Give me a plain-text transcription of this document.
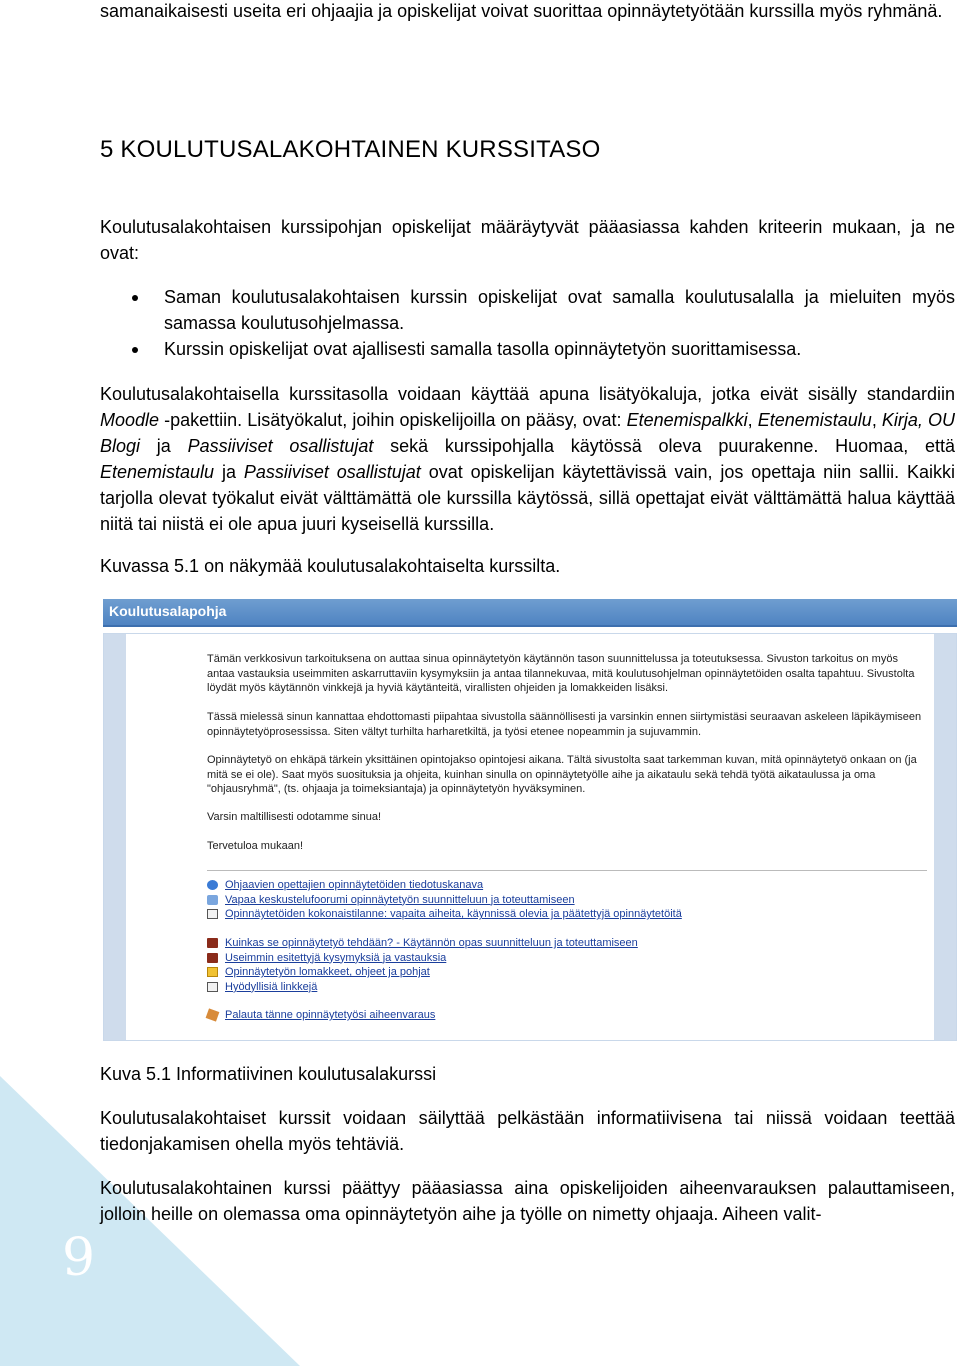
9

samanaikaisesti useita eri ohjaajia ja opiskelijat voivat suorittaa opinnäytetyötään kurssilla myös ryhmänä.

5 KOULUTUSALAKOHTAINEN KURSSITASO

Koulutusalakohtaisen kurssipohjan opiskelijat määräytyvät pääasiassa kahden kriteerin mukaan, ja ne ovat:

Saman koulutusalakohtaisen kurssin opiskelijat ovat samalla koulutusalalla ja mieluiten myös samassa koulutusohjelmassa.
Kurssin opiskelijat ovat ajallisesti samalla tasolla opinnäytetyön suorittamisessa.

Koulutusalakohtaisella kurssitasolla voidaan käyttää apuna lisätyökaluja, jotka eivät sisälly standardiin Moodle -pakettiin. Lisätyökalut, joihin opiskelijoilla on pääsy, ovat: Etenemispalkki, Etenemistaulu, Kirja, OU Blogi ja Passiiviset osallistujat sekä kurssipohjalla käytössä oleva puurakenne. Huomaa, että Etenemistaulu ja Passiiviset osallistujat ovat opiskelijan käytettävissä vain, jos opettaja niin sallii. Kaikki tarjolla olevat työkalut eivät välttämättä ole kurssilla käytössä, sillä opettajat eivät välttämättä halua käyttää niitä tai niistä ei ole apua juuri kyseisellä kurssilla.

Kuvassa 5.1 on näkymää koulutusalakohtaiselta kurssilta.

Kuva 5.1 Informatiivinen koulutusalakurssi

Koulutusalakohtaiset kurssit voidaan säilyttää pelkästään informatiivisena tai niissä voidaan teettää tiedonjakamisen ohella myös tehtäviä.

Koulutusalakohtainen kurssi päättyy pääasiassa aina opiskelijoiden aiheenvarauksen palauttamiseen, jolloin heille on olemassa oma opinnäytetyön aihe ja työlle on nimetty ohjaaja. Aiheen valit-

Koulutusalapohja

Tämän verkkosivun tarkoituksena on auttaa sinua opinnäytetyön käytännön tason suunnittelussa ja toteutuksessa. Sivuston tarkoitus on myös antaa vastauksia useimmiten askarruttaviin kysymyksiin ja antaa tilannekuvaa, mitä koulutusohjelman opinnäytetöiden osalta tapahtuu. Sivustolta löydät myös käytännön vinkkejä ja hyviä käytänteitä, virallisten ohjeiden ja lomakkeiden lisäksi.

Tässä mielessä sinun kannattaa ehdottomasti piipahtaa sivustolla säännöllisesti ja varsinkin ennen siirtymistäsi seuraavan askeleen läpikäymiseen opinnäytetyöprosessissa. Siten vältyt turhilta harharetkiltä, ja työsi etenee nopeammin ja sujuvammin.

Opinnäytetyö on ehkäpä tärkein yksittäinen opintojakso opintojesi aikana. Tältä sivustolta saat tarkemman kuvan, mitä opinnäytetyö onkaan on (ja mitä se ei ole). Saat myös suosituksia ja ohjeita, kuinhan sinulla on opinnäytetyölle aihe ja aikataulu sekä tehdä työtä aikataulussa ja oma "ohjausryhmä", (ts. ohjaaja ja toimeksiantaja) ja opinnäytetyön hyväksyminen.

Varsin maltillisesti odotamme sinua!

Tervetuloa mukaan!

Ohjaavien opettajien opinnäytetöiden tiedotuskanava
Vapaa keskustelufoorumi opinnäytetyön suunnitteluun ja toteuttamiseen
Opinnäytetöiden kokonaistilanne: vapaita aiheita, käynnissä olevia ja päätettyjä opinnäytetöitä
Kuinkas se opinnäytetyö tehdään? - Käytännön opas suunnitteluun ja toteuttamiseen
Useimmin esitettyjä kysymyksiä ja vastauksia
Opinnäytetyön lomakkeet, ohjeet ja pohjat
Hyödyllisiä linkkejä
Palauta tänne opinnäytetyösi aiheenvaraus
